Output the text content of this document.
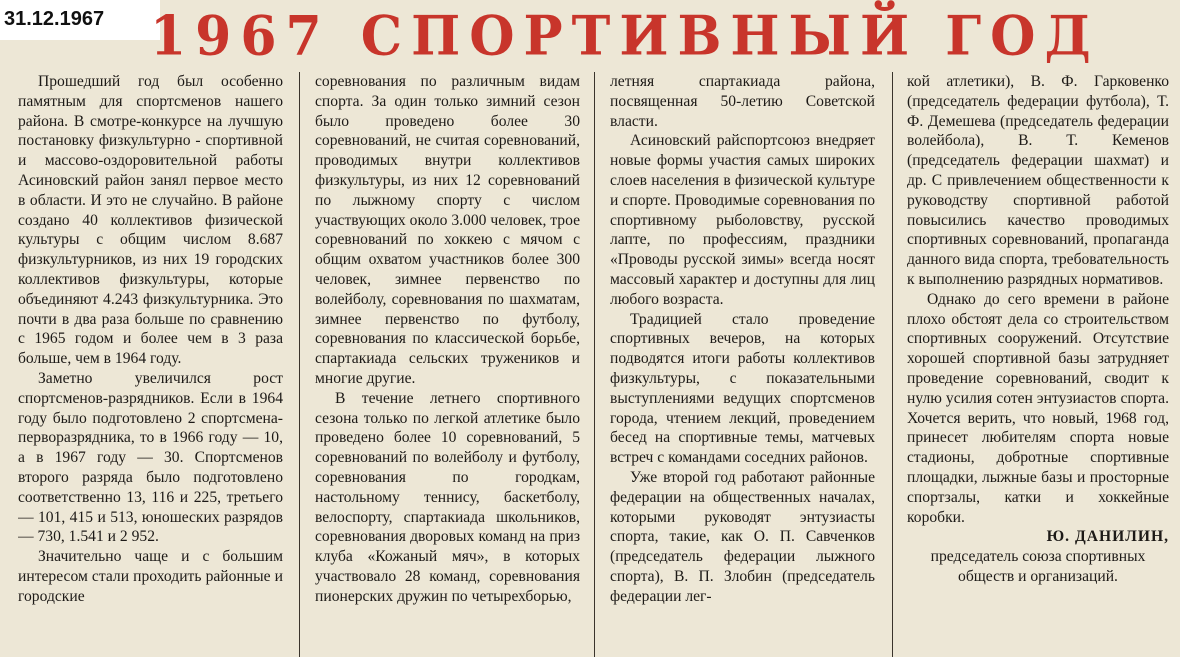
31.12.1967 1967 СПОРТИВНЫЙ ГОД

Прошедший год был особенно памятным для спортсменов нашего района. В смотре-конкурсе на лучшую постановку физкультурно - спортивной и массово-оздоровительной работы Асиновский район занял первое место в области. И это не случайно. В районе создано 40 коллективов физической культуры с общим числом 8.687 физкультурников, из них 19 городских коллективов физкультуры, которые объединяют 4.243 физкультурника. Это почти в два раза больше по сравнению с 1965 годом и более чем в 3 раза больше, чем в 1964 году.

Заметно увеличился рост спортсменов-разрядников. Если в 1964 году было подготовлено 2 спортсмена-перворазрядника, то в 1966 году — 10, а в 1967 году — 30. Спортсменов второго разряда было подготовлено соответственно 13, 116 и 225, третьего — 101, 415 и 513, юношеских разрядов — 730, 1.541 и 2 952.

Значительно чаще и с большим интересом стали проходить районные и городские

соревнования по различным видам спорта. За один только зимний сезон было проведено более 30 соревнований, не считая соревнований, проводимых внутри коллективов физкультуры, из них 12 соревнований по лыжному спорту с числом участвующих около 3.000 человек, трое соревнований по хоккею с мячом с общим охватом участников более 300 человек, зимнее первенство по волейболу, соревнования по шахматам, зимнее первенство по футболу, соревнования по классической борьбе, спартакиада сельских тружеников и многие другие.

В течение летнего спортивного сезона только по легкой атлетике было проведено более 10 соревнований, 5 соревнований по волейболу и футболу, соревнования по городкам, настольному теннису, баскетболу, велоспорту, спартакиада школьников, соревнования дворовых команд на приз клуба «Кожаный мяч», в которых участвовало 28 команд, соревнования пионерских дружин по четырехборью,

летняя спартакиада района, посвященная 50-летию Советской власти.

Асиновский райспортсоюз внедряет новые формы участия самых широких слоев населения в физической культуре и спорте. Проводимые соревнования по спортивному рыболовству, русской лапте, по профессиям, праздники «Проводы русской зимы» всегда носят массовый характер и доступны для лиц любого возраста.

Традицией стало проведение спортивных вечеров, на которых подводятся итоги работы коллективов физкультуры, с показательными выступлениями ведущих спортсменов города, чтением лекций, проведением бесед на спортивные темы, матчевых встреч с командами соседних районов.

Уже второй год работают районные федерации на общественных началах, которыми руководят энтузиасты спорта, такие, как О. П. Савченков (председатель федерации лыжного спорта), В. П. Злобин (председатель федерации лег-

кой атлетики), В. Ф. Гарковенко (председатель федерации футбола), Т. Ф. Демешева (председатель федерации волейбола), В. Т. Кеменов (председатель федерации шахмат) и др. С привлечением общественности к руководству спортивной работой повысились качество проводимых спортивных соревнований, пропаганда данного вида спорта, требовательность к выполнению разрядных нормативов.

Однако до сего времени в районе плохо обстоят дела со строительством спортивных сооружений. Отсутствие хорошей спортивной базы затрудняет проведение соревнований, сводит к нулю усилия сотен энтузиастов спорта. Хочется верить, что новый, 1968 год, принесет любителям спорта новые стадионы, добротные спортивные площадки, лыжные базы и просторные спортзалы, катки и хоккейные коробки.

Ю. ДАНИЛИН,

председатель союза спортивных обществ и организаций.
